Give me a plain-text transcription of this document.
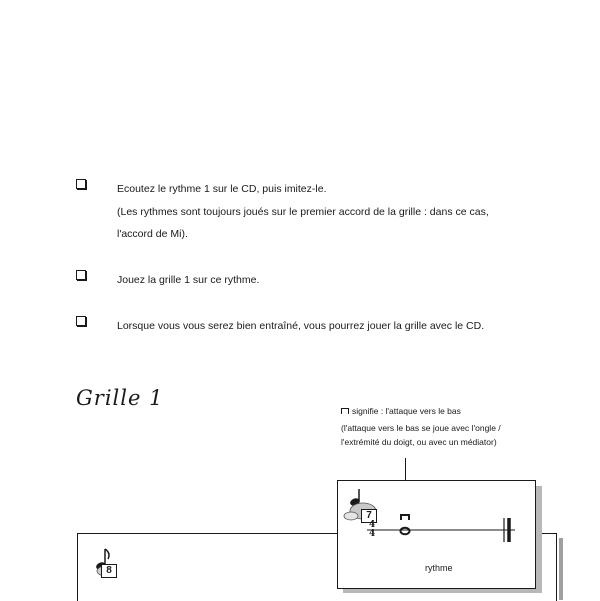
Ecoutez le rythme 1 sur le CD, puis imitez-le.
(Les rythmes sont toujours joués sur le premier accord de la grille : dans ce cas,
l'accord de Mi).
Jouez la grille 1 sur ce rythme.
Lorsque vous vous serez bien entraîné, vous pourrez jouer la grille avec le CD.
Grille 1
signifie : l'attaque vers le bas
(l'attaque vers le bas se joue avec l'ongle /
l'extrémité du doigt, ou avec un médiator)
8
7
4
4
rythme
